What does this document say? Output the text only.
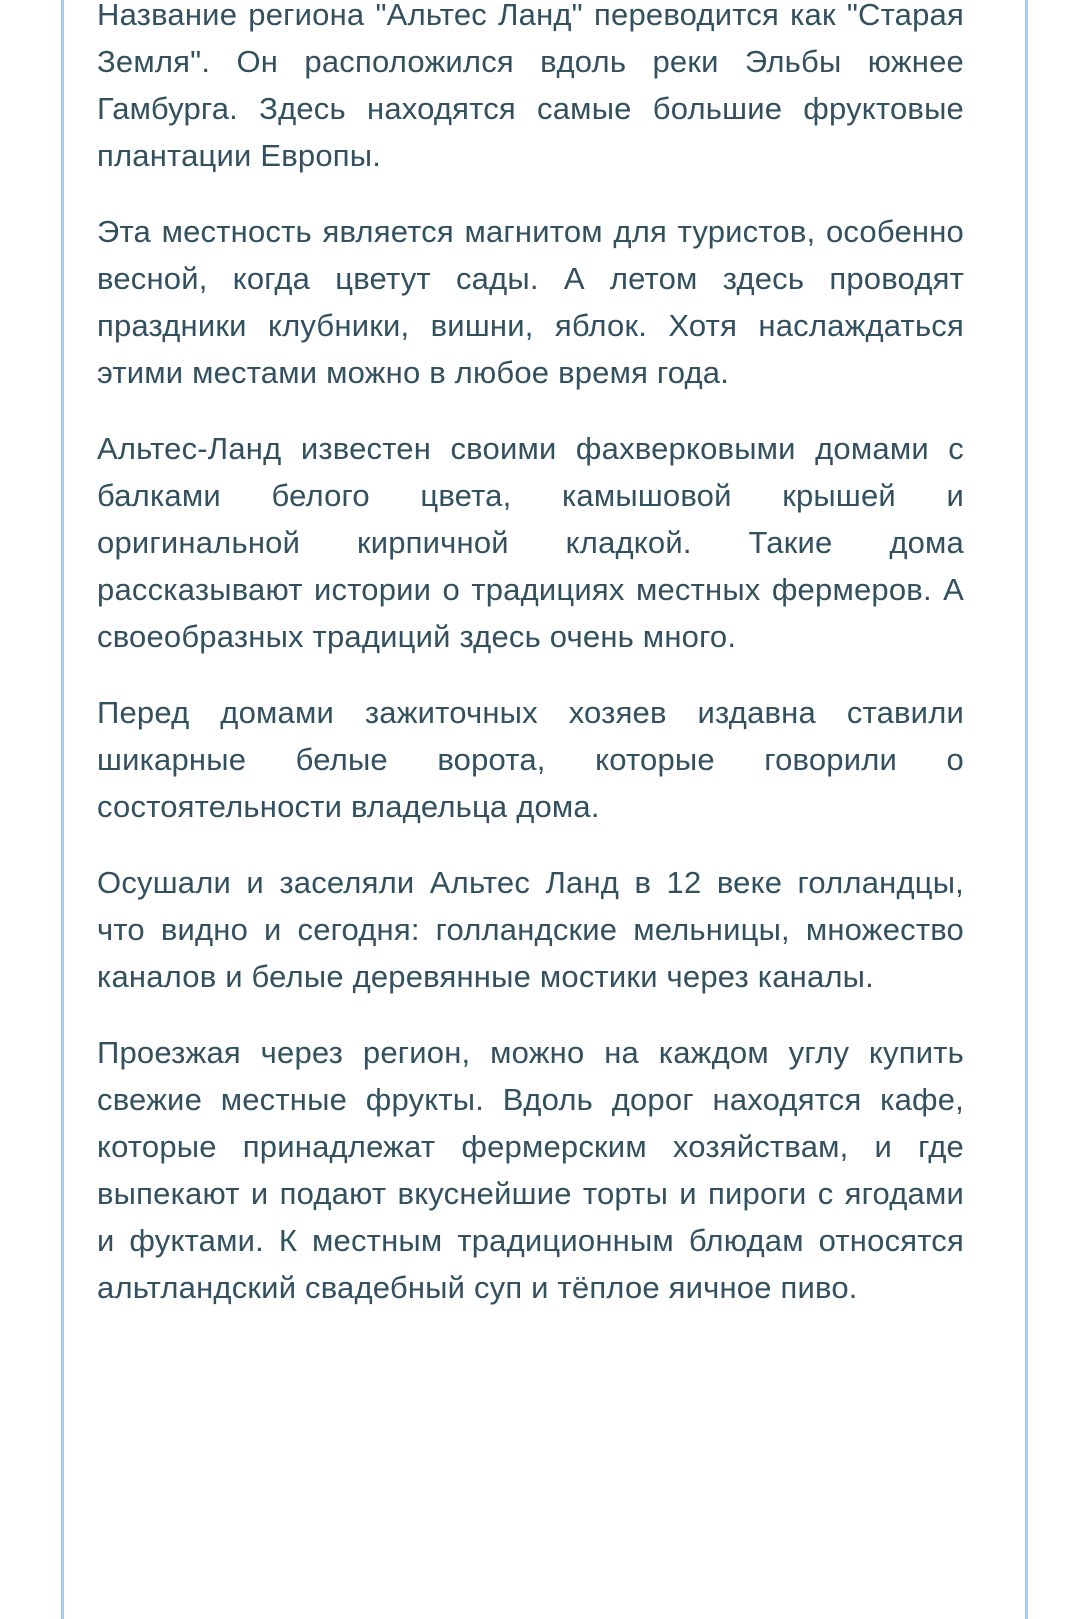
Название региона "Альтес Ланд" переводится как "Старая Земля". Он расположился вдоль реки Эльбы южнее Гамбурга. Здесь находятся самые большие фруктовые плантации Европы.

Эта местность является магнитом для туристов, особенно весной, когда цветут сады. А летом здесь проводят праздники клубники, вишни, яблок. Хотя наслаждаться этими местами можно в любое время года.

Альтес-Ланд известен своими фахверковыми домами с балками белого цвета, камышовой крышей и оригинальной кирпичной кладкой. Такие дома рассказывают истории о традициях местных фермеров. А своеобразных традиций здесь очень много.

Перед домами зажиточных хозяев издавна ставили шикарные белые ворота, которые говорили о состоятельности владельца дома.

Осушали и заселяли Альтес Ланд в 12 веке голландцы, что видно и сегодня: голландские мельницы, множество каналов и белые деревянные мостики через каналы.

Проезжая через регион, можно на каждом углу купить свежие местные фрукты. Вдоль дорог находятся кафе, которые принадлежат фермерским хозяйствам, и где выпекают и подают вкуснейшие торты и пироги с ягодами и фуктами. К местным традиционным блюдам относятся альтландский свадебный суп и тёплое яичное пиво.
